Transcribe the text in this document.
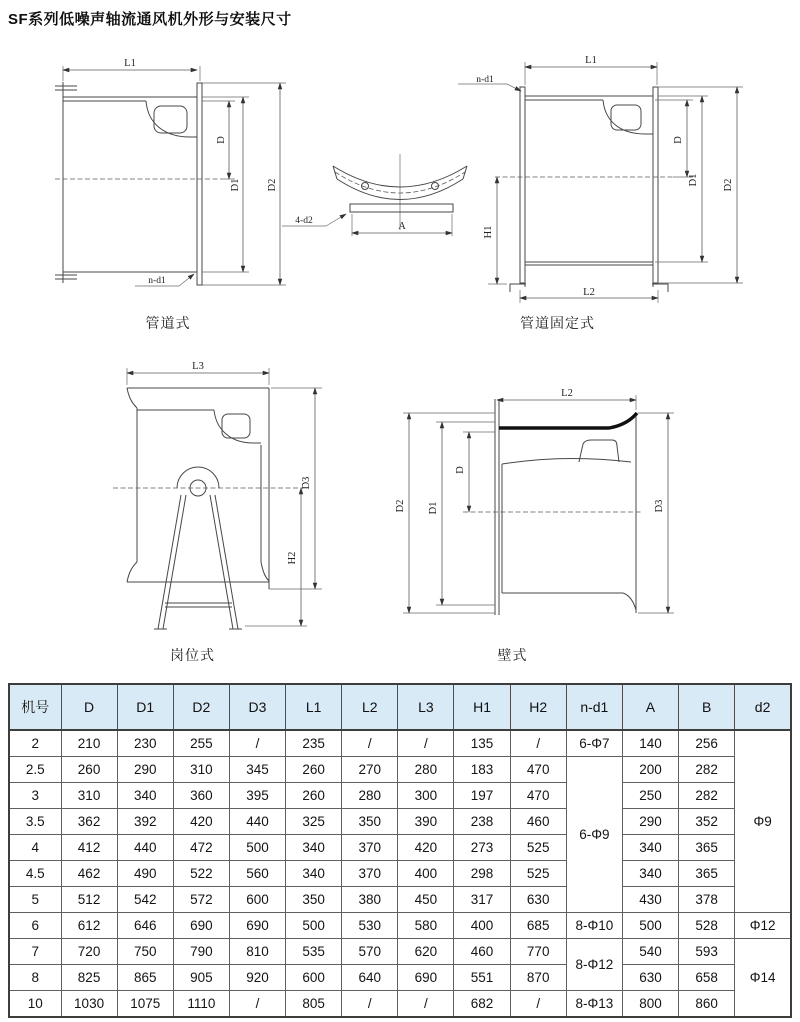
SF系列低噪声轴流通风机外形与安装尺寸
L1
D
D1 D2
n-d1
管道式
A
4-d2
L1
n-d1
D
D1 D2
H1
L2
管道固定式
L3
D3
H2
岗位式
L2
D
D1
D2	D3
壁式
机号	D	D1	D2	D3	L1	L2	L3	H1	H2	n-d1	A	B	d2
2	210	230	255	/	235	/	/	135	/	6-Φ7	140	256	Φ9
2.5	260	290	310	345	260	270	280	183	470	6-Φ9	200	282	
3	310	340	360	395	260	280	300	197	470		250	282	
3.5	362	392	420	440	325	350	390	238	460		290	352	
4	412	440	472	500	340	370	420	273	525		340	365	
4.5	462	490	522	560	340	370	400	298	525		340	365	
5	512	542	572	600	350	380	450	317	630		430	378	
6	612	646	690	690	500	530	580	400	685	8-Φ10	500	528	Φ12
7	720	750	790	810	535	570	620	460	770	8-Φ12	540	593	Φ14
8	825	865	905	920	600	640	690	551	870		630	658	
10	1030	1075	1110	/	805	/	/	682	/	8-Φ13	800	860	
